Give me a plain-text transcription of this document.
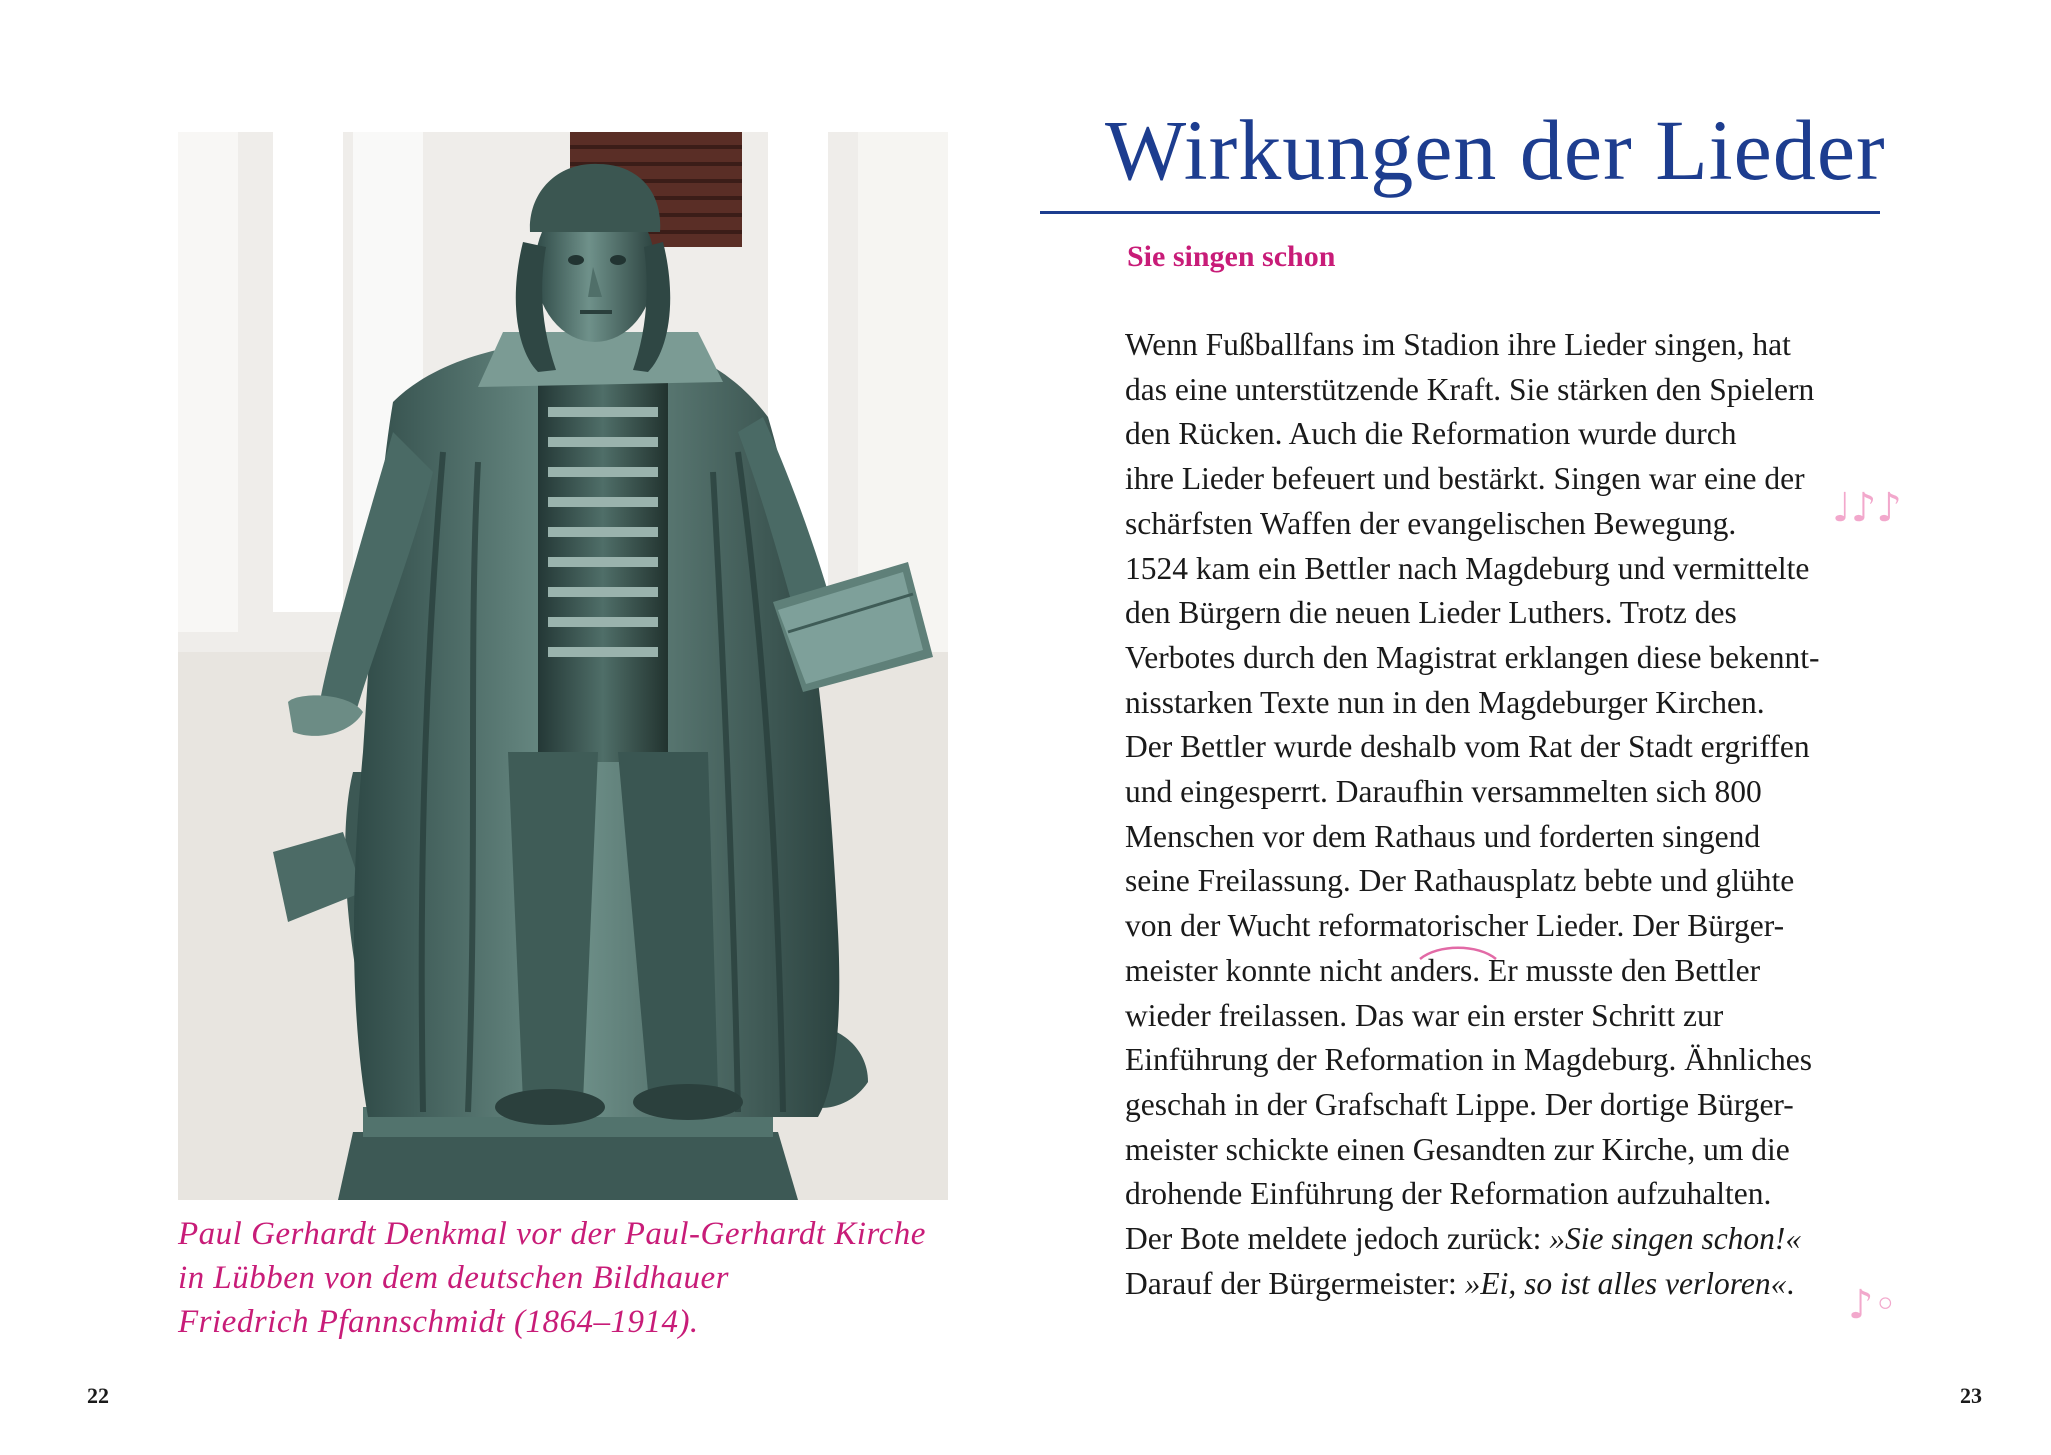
Paul Gerhardt Denkmal vor der Paul-Gerhardt Kirche
in Lübben von dem deutschen Bildhauer
Friedrich Pfannschmidt (1864–1914).
22
Wirkungen der Lieder
Sie singen schon
Wenn Fußballfans im Stadion ihre Lieder singen, hat
das eine unterstützende Kraft. Sie stärken den Spielern
den Rücken. Auch die Reformation wurde durch
ihre Lieder befeuert und bestärkt. Singen war eine der
schärfsten Waffen der evangelischen Bewegung.
1524 kam ein Bettler nach Magdeburg und vermittelte
den Bürgern die neuen Lieder Luthers. Trotz des
Verbotes durch den Magistrat erklangen diese bekennt-
nisstarken Texte nun in den Magdeburger Kirchen.
Der Bettler wurde deshalb vom Rat der Stadt ergriffen
und eingesperrt. Daraufhin versammelten sich 800
Menschen vor dem Rathaus und forderten singend
seine Freilassung. Der Rathausplatz bebte und glühte
von der Wucht reformatorischer Lieder. Der Bürger-
meister konnte nicht anders. Er musste den Bettler
wieder freilassen. Das war ein erster Schritt zur
Einführung der Reformation in Magdeburg. Ähnliches
geschah in der Grafschaft Lippe. Der dortige Bürger-
meister schickte einen Gesandten zur Kirche, um die
drohende Einführung der Reformation aufzuhalten.
Der Bote meldete jedoch zurück: »Sie singen schon!«
Darauf der Bürgermeister: »Ei, so ist alles verloren«.
♩♪♪
♪◦
23
